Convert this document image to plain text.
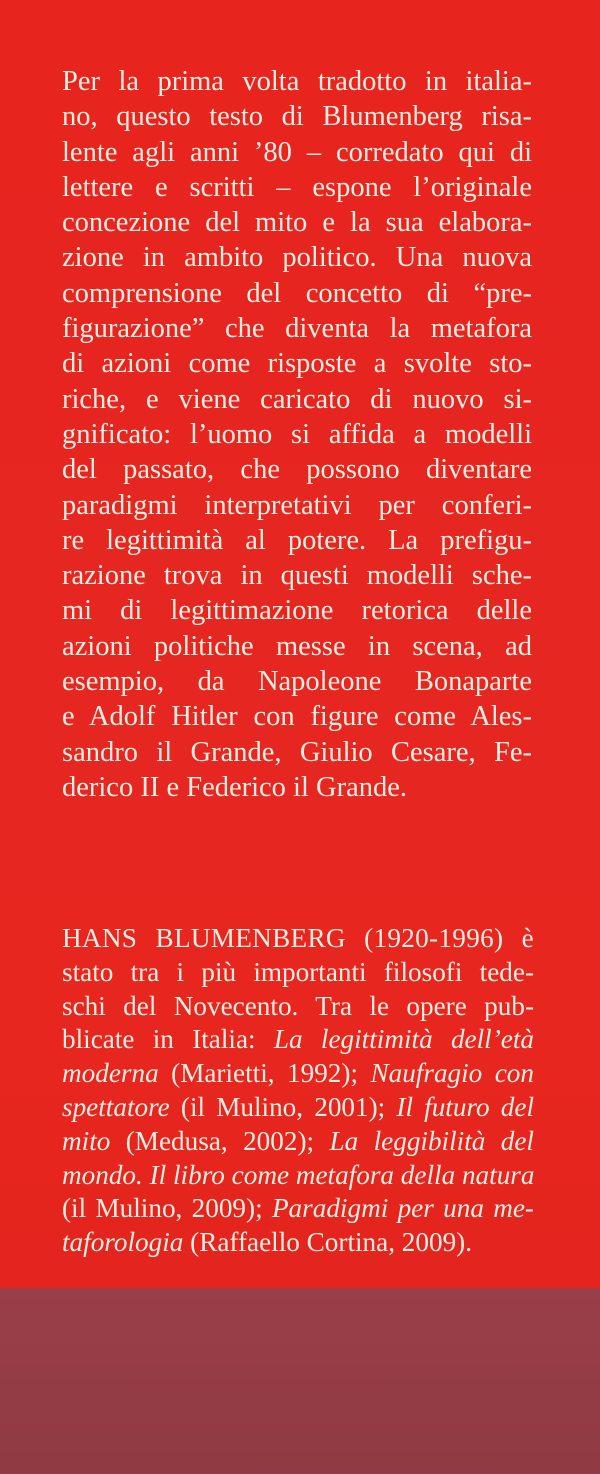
Per la prima volta tradotto in italia-
no, questo testo di Blumenberg risa-
lente agli anni ’80 – corredato qui di
lettere e scritti – espone l’originale
concezione del mito e la sua elabora-
zione in ambito politico. Una nuova
comprensione del concetto di “pre-
figurazione” che diventa la metafora
di azioni come risposte a svolte sto-
riche, e viene caricato di nuovo si-
gnificato: l’uomo si affida a modelli
del passato, che possono diventare
paradigmi interpretativi per conferi-
re legittimità al potere. La prefigu-
razione trova in questi modelli sche-
mi di legittimazione retorica delle
azioni politiche messe in scena, ad
esempio, da Napoleone Bonaparte
e Adolf Hitler con figure come Ales-
sandro il Grande, Giulio Cesare, Fe-
derico II e Federico il Grande.
HANS BLUMENBERG (1920-1996) è
stato tra i più importanti filosofi tede-
schi del Novecento. Tra le opere pub-
blicate in Italia: La legittimità dell’età
moderna (Marietti, 1992); Naufragio con
spettatore (il Mulino, 2001); Il futuro del
mito (Medusa, 2002); La leggibilità del
mondo. Il libro come metafora della natura
(il Mulino, 2009); Paradigmi per una me-
taforologia (Raffaello Cortina, 2009).
